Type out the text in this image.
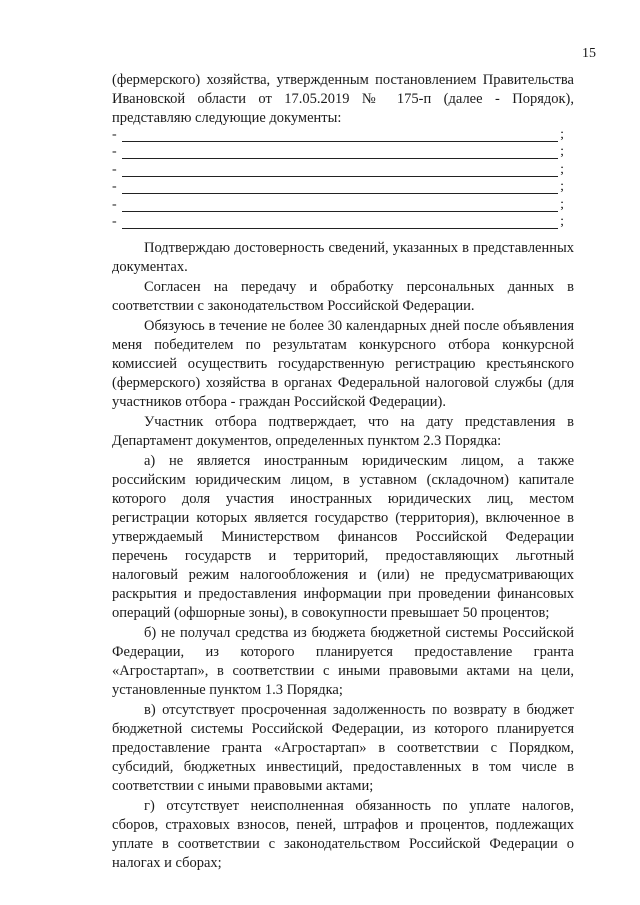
15

(фермерского) хозяйства, утвержденным постановлением Правительства Ивановской области от 17.05.2019 № 175-п (далее - Порядок), представляю следующие документы:

-	;
-	;
-	;
-	;
-	;
-	;

Подтверждаю достоверность сведений, указанных в представленных документах.

Согласен на передачу и обработку персональных данных в соответствии с законодательством Российской Федерации.

Обязуюсь в течение не более 30 календарных дней после объявления меня победителем по результатам конкурсного отбора конкурсной комиссией осуществить государственную регистрацию крестьянского (фермерского) хозяйства в органах Федеральной налоговой службы (для участников отбора - граждан Российской Федерации).

Участник отбора подтверждает, что на дату представления в Департамент документов, определенных пунктом 2.3 Порядка:

а) не является иностранным юридическим лицом, а также российским юридическим лицом, в уставном (складочном) капитале которого доля участия иностранных юридических лиц, местом регистрации которых является государство (территория), включенное в утверждаемый Министерством финансов Российской Федерации перечень государств и территорий, предоставляющих льготный налоговый режим налогообложения и (или) не предусматривающих раскрытия и предоставления информации при проведении финансовых операций (офшорные зоны), в совокупности превышает 50 процентов;

б) не получал средства из бюджета бюджетной системы Российской Федерации, из которого планируется предоставление гранта «Агростартап», в соответствии с иными правовыми актами на цели, установленные пунктом 1.3 Порядка;

в) отсутствует просроченная задолженность по возврату в бюджет бюджетной системы Российской Федерации, из которого планируется предоставление гранта «Агростартап» в соответствии с Порядком, субсидий, бюджетных инвестиций, предоставленных в том числе в соответствии с иными правовыми актами;

г) отсутствует неисполненная обязанность по уплате налогов, сборов, страховых взносов, пеней, штрафов и процентов, подлежащих уплате в соответствии с законодательством Российской Федерации о налогах и сборах;
